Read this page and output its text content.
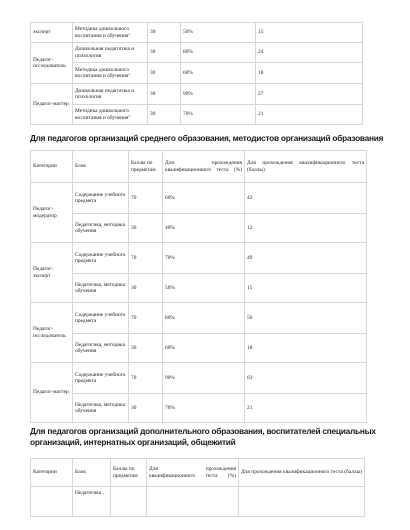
эксперт	Методика дошкольного воспитания и обучения"	30	50%	15
Педагог-исследователь	Дошкольная педагогика и психология	30	80%	24
	Методика дошкольного воспитания и обучения"	30	60%	18
Педагог-мастер	Дошкольная педагогика и психология	30	90%	27
	Методика дошкольного воспитания и обучения"	30	70%	21
Для педагогов организаций среднего образования, методистов организаций образования
Категории	Блок	Баллы по предметам	Для прохождения квалификационного теста (%)	Для прохождения квалификационного теста (баллы)
Педагог-модератор	Содержание учебного предмета	70	60%	42
	Педагогика, методика обучения	30	40%	12
Педагог-эксперт	Содержание учебного предмета	70	70%	49
	Педагогика, методика обучения	30	50%	15
Педагог-исследователь	Содержание учебного предмета	70	80%	56
	Педагогика, методика обучения	30	60%	18
Педагог-мастер	Содержание учебного предмета	70	90%	63
	Педагогика, методика обучения	30	70%	21
Для педагогов организаций дополнительного образования, воспитателей специальных организаций, интернатных организаций, общежитий
Категории	Блок	Баллы по предметам	Для прохождения квалификационного теста (%)	Для прохождения квалификационного теста (баллы)
	Педагогика ,			
